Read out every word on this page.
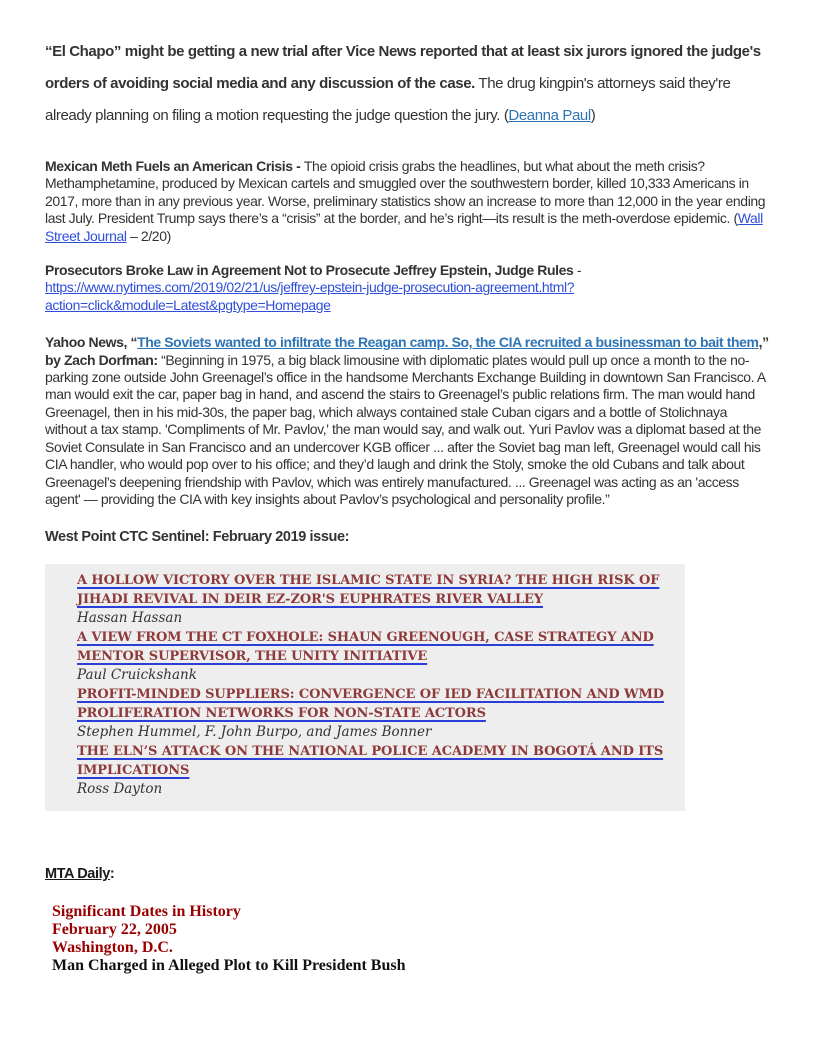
“El Chapo” might be getting a new trial after Vice News reported that at least six jurors ignored the judge's orders of avoiding social media and any discussion of the case. The drug kingpin's attorneys said they're already planning on filing a motion requesting the judge question the jury. (Deanna Paul)

Mexican Meth Fuels an American Crisis - The opioid crisis grabs the headlines, but what about the meth crisis? Methamphetamine, produced by Mexican cartels and smuggled over the southwestern border, killed 10,333 Americans in 2017, more than in any previous year. Worse, preliminary statistics show an increase to more than 12,000 in the year ending last July. President Trump says there’s a “crisis” at the border, and he’s right—its result is the meth-overdose epidemic. (Wall Street Journal – 2/20)

Prosecutors Broke Law in Agreement Not to Prosecute Jeffrey Epstein, Judge Rules -
https://www.nytimes.com/2019/02/21/us/jeffrey-epstein-judge-prosecution-agreement.html?action=click&module=Latest&pgtype=Homepage

Yahoo News, “The Soviets wanted to infiltrate the Reagan camp. So, the CIA recruited a businessman to bait them,” by Zach Dorfman: “Beginning in 1975, a big black limousine with diplomatic plates would pull up once a month to the no-parking zone outside John Greenagel’s office in the handsome Merchants Exchange Building in downtown San Francisco. A man would exit the car, paper bag in hand, and ascend the stairs to Greenagel’s public relations firm. The man would hand Greenagel, then in his mid-30s, the paper bag, which always contained stale Cuban cigars and a bottle of Stolichnaya without a tax stamp. 'Compliments of Mr. Pavlov,' the man would say, and walk out. Yuri Pavlov was a diplomat based at the Soviet Consulate in San Francisco and an undercover KGB officer ... after the Soviet bag man left, Greenagel would call his CIA handler, who would pop over to his office; and they’d laugh and drink the Stoly, smoke the old Cubans and talk about Greenagel’s deepening friendship with Pavlov, which was entirely manufactured. ... Greenagel was acting as an 'access agent' — providing the CIA with key insights about Pavlov’s psychological and personality profile.”

West Point CTC Sentinel: February 2019 issue:

A HOLLOW VICTORY OVER THE ISLAMIC STATE IN SYRIA? THE HIGH RISK OF JIHADI REVIVAL IN DEIR EZ-ZOR'S EUPHRATES RIVER VALLEY
Hassan Hassan
A VIEW FROM THE CT FOXHOLE: SHAUN GREENOUGH, CASE STRATEGY AND MENTOR SUPERVISOR, THE UNITY INITIATIVE
Paul Cruickshank
PROFIT-MINDED SUPPLIERS: CONVERGENCE OF IED FACILITATION AND WMD PROLIFERATION NETWORKS FOR NON-STATE ACTORS
Stephen Hummel, F. John Burpo, and James Bonner
THE ELN’S ATTACK ON THE NATIONAL POLICE ACADEMY IN BOGOTÁ AND ITS IMPLICATIONS
Ross Dayton
MTA Daily:
Significant Dates in History
February 22, 2005
Washington, D.C.
Man Charged in Alleged Plot to Kill President Bush
